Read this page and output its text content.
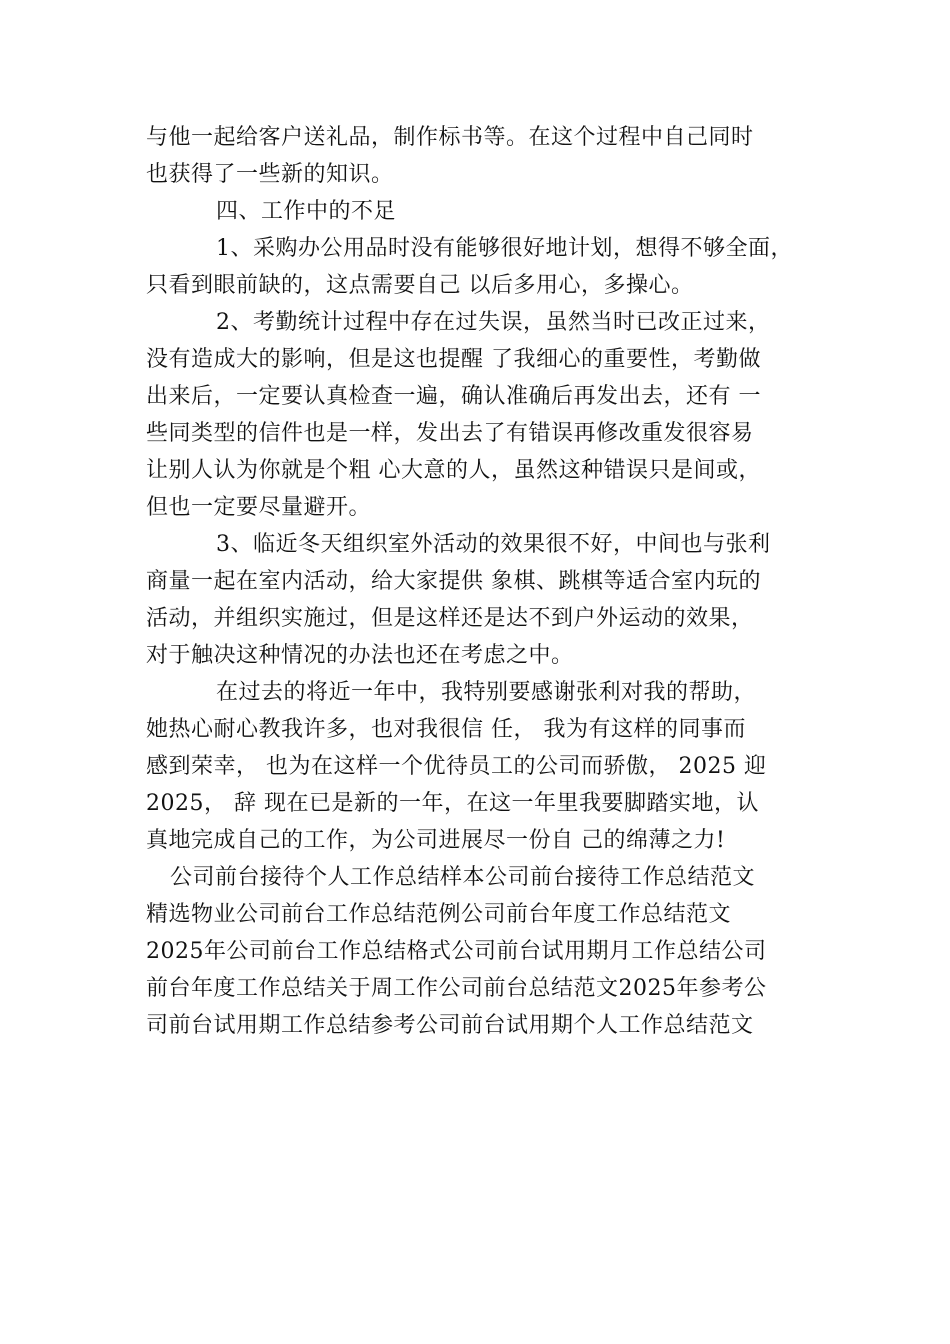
与他一起给客户送礼品，制作标书等。在这个过程中自己同时
也获得了一些新的知识。
四、工作中的不足
1、采购办公用品时没有能够很好地计划，想得不够全面，
只看到眼前缺的，这点需要自己 以后多用心，多操心。
2、考勤统计过程中存在过失误，虽然当时已改正过来，
没有造成大的影响，但是这也提醒 了我细心的重要性，考勤做
出来后，一定要认真检查一遍，确认准确后再发出去，还有 一
些同类型的信件也是一样，发出去了有错误再修改重发很容易
让别人认为你就是个粗 心大意的人，虽然这种错误只是间或，
但也一定要尽量避开。
3、临近冬天组织室外活动的效果很不好，中间也与张利
商量一起在室内活动，给大家提供 象棋、跳棋等适合室内玩的
活动，并组织实施过，但是这样还是达不到户外运动的效果，
对于触决这种情况的办法也还在考虑之中。
在过去的将近一年中，我特别要感谢张利对我的帮助，
她热心耐心教我许多，也对我很信 任， 我为有这样的同事而
感到荣幸， 也为在这样一个优待员工的公司而骄傲， 2025 迎
2025， 辞 现在已是新的一年，在这一年里我要脚踏实地，认
真地完成自己的工作，为公司进展尽一份自 己的绵薄之力!
公司前台接待个人工作总结样本公司前台接待工作总结范文
精选物业公司前台工作总结范例公司前台年度工作总结范文
2025年公司前台工作总结格式公司前台试用期月工作总结公司
前台年度工作总结关于周工作公司前台总结范文2025年参考公
司前台试用期工作总结参考公司前台试用期个人工作总结范文
